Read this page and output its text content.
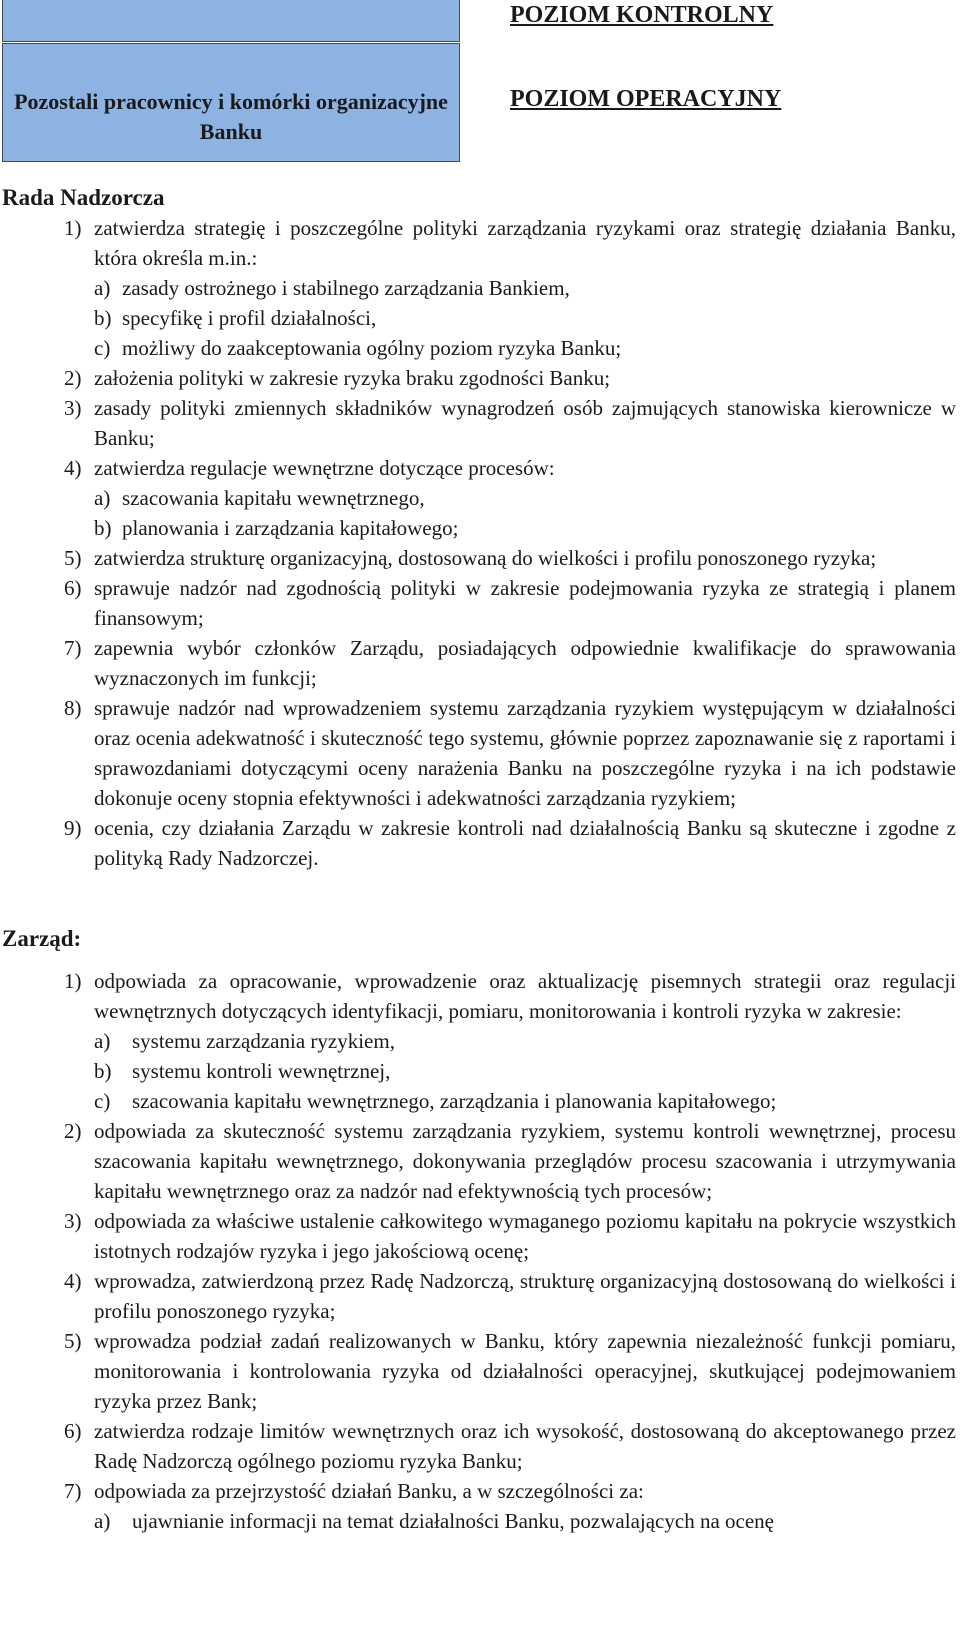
Pozostali pracownicy i komórki organizacyjne Banku
POZIOM KONTROLNY
POZIOM OPERACYJNY
Rada Nadzorcza
1) zatwierdza strategię i poszczególne polityki zarządzania ryzykami oraz strategię działania Banku, która określa m.in.:
a) zasady ostrożnego i stabilnego zarządzania Bankiem,
b) specyfikę i profil działalności,
c) możliwy do zaakceptowania ogólny poziom ryzyka Banku;
2) założenia polityki w zakresie ryzyka braku zgodności Banku;
3) zasady polityki zmiennych składników wynagrodzeń osób zajmujących stanowiska kierownicze w Banku;
4) zatwierdza regulacje wewnętrzne dotyczące procesów:
a) szacowania kapitału wewnętrznego,
b) planowania i zarządzania kapitałowego;
5) zatwierdza strukturę organizacyjną, dostosowaną do wielkości i profilu ponoszonego ryzyka;
6) sprawuje nadzór nad zgodnością polityki w zakresie podejmowania ryzyka ze strategią i planem finansowym;
7) zapewnia wybór członków Zarządu, posiadających odpowiednie kwalifikacje do sprawowania wyznaczonych im funkcji;
8) sprawuje nadzór nad wprowadzeniem systemu zarządzania ryzykiem występującym w działalności oraz ocenia adekwatność i skuteczność tego systemu, głównie poprzez zapoznawanie się z raportami i sprawozdaniami dotyczącymi oceny narażenia Banku na poszczególne ryzyka i na ich podstawie dokonuje oceny stopnia efektywności i adekwatności zarządzania ryzykiem;
9) ocenia, czy działania Zarządu w zakresie kontroli nad działalnością Banku są skuteczne i zgodne z polityką Rady Nadzorczej.
Zarząd:
1) odpowiada za opracowanie, wprowadzenie oraz aktualizację pisemnych strategii oraz regulacji wewnętrznych dotyczących identyfikacji, pomiaru, monitorowania i kontroli ryzyka w zakresie:
a)	systemu zarządzania ryzykiem,
b) systemu kontroli wewnętrznej,
c)	szacowania kapitału wewnętrznego, zarządzania i planowania kapitałowego;
2) odpowiada za skuteczność systemu zarządzania ryzykiem, systemu kontroli wewnętrznej, procesu szacowania kapitału wewnętrznego, dokonywania przeglądów procesu szacowania i utrzymywania kapitału wewnętrznego oraz za nadzór nad efektywnością tych procesów;
3) odpowiada za właściwe ustalenie całkowitego wymaganego poziomu kapitału na pokrycie wszystkich istotnych rodzajów ryzyka i jego jakościową ocenę;
4) wprowadza, zatwierdzoną przez Radę Nadzorczą, strukturę organizacyjną dostosowaną do wielkości i profilu ponoszonego ryzyka;
5) wprowadza podział zadań realizowanych w Banku, który zapewnia niezależność funkcji pomiaru, monitorowania i kontrolowania ryzyka od działalności operacyjnej, skutkującej podejmowaniem ryzyka przez Bank;
6) zatwierdza rodzaje limitów wewnętrznych oraz ich wysokość, dostosowaną do akceptowanego przez Radę Nadzorczą ogólnego poziomu ryzyka Banku;
7) odpowiada za przejrzystość działań Banku, a w szczególności za:
a)	ujawnianie informacji na temat działalności Banku, pozwalających na ocenę
